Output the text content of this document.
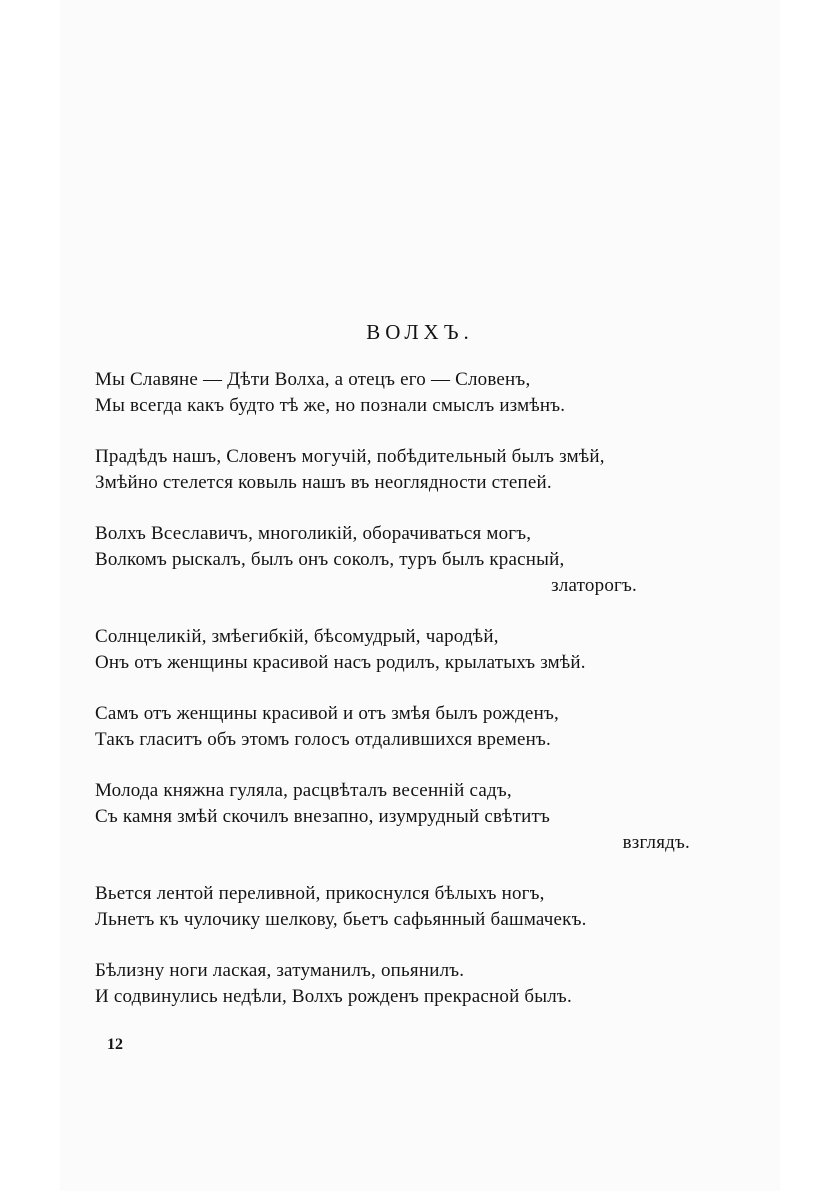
ВОЛХЪ.
Мы Славяне — Дѣти Волха, а отецъ его — Словенъ,
Мы всегда какъ будто тѣ же, но познали смыслъ измѣнъ.
Прадѣдъ нашъ, Словенъ могучій, побѣдительный былъ змѣй,
Змѣйно стелется ковыль нашъ въ неоглядности степей.
Волхъ Всеславичъ, многоликій, оборачиваться могъ,
Волкомъ рыскалъ, былъ онъ соколъ, туръ былъ красный,
златорогъ.
Солнцеликій, змѣегибкій, бѣсомудрый, чародѣй,
Онъ отъ женщины красивой насъ родилъ, крылатыхъ змѣй.
Самъ отъ женщины красивой и отъ змѣя былъ рожденъ,
Такъ гласитъ объ этомъ голосъ отдалившихся временъ.
Молода княжна гуляла, расцвѣталъ весенній садъ,
Съ камня змѣй скочилъ внезапно, изумрудный свѣтитъ
взглядъ.
Вьется лентой переливной, прикоснулся бѣлыхъ ногъ,
Льнетъ къ чулочику шелкову, бьетъ сафьянный башмачекъ.
Бѣлизну ноги лаская, затуманилъ, опьянилъ.
И содвинулись недѣли, Волхъ рожденъ прекрасной былъ.
12
